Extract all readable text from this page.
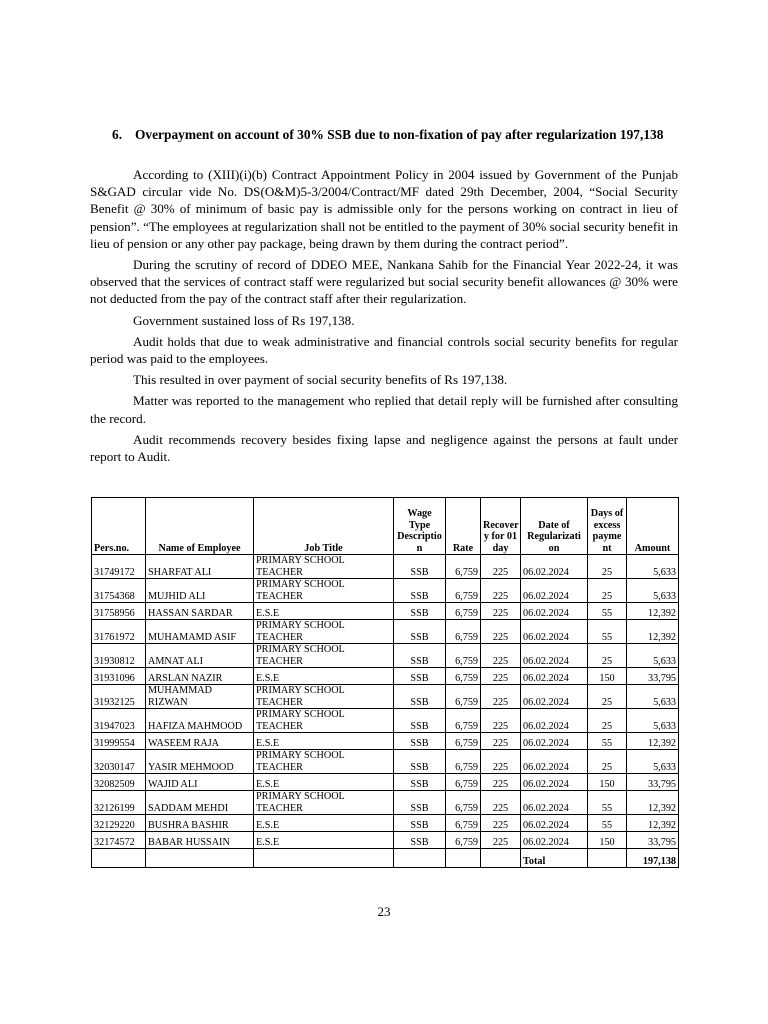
6. Overpayment on account of 30% SSB due to non-fixation of pay after regularization 197,138

According to (XIII)(i)(b) Contract Appointment Policy in 2004 issued by Government of the Punjab S&GAD circular vide No. DS(O&M)5-3/2004/Contract/MF dated 29th December, 2004, “Social Security Benefit @ 30% of minimum of basic pay is admissible only for the persons working on contract in lieu of pension”. “The employees at regularization shall not be entitled to the payment of 30% social security benefit in lieu of pension or any other pay package, being drawn by them during the contract period”.

During the scrutiny of record of DDEO MEE, Nankana Sahib for the Financial Year 2022-24, it was observed that the services of contract staff were regularized but social security benefit allowances @ 30% were not deducted from the pay of the contract staff after their regularization.

Government sustained loss of Rs 197,138.

Audit holds that due to weak administrative and financial controls social security benefits for regular period was paid to the employees.

This resulted in over payment of social security benefits of Rs 197,138.

Matter was reported to the management who replied that detail reply will be furnished after consulting the record.

Audit recommends recovery besides fixing lapse and negligence against the persons at fault under report to Audit.

Pers.no.	Name of Employee	Job Title	Wage Type Descriptio n	Rate	Recover y for 01 day	Date of Regularizati on	Days of excess payme nt	Amount
31749172	SHARFAT ALI	PRIMARY SCHOOL TEACHER	SSB	6,759	225	06.02.2024	25	5,633
31754368	MUJHID ALI	PRIMARY SCHOOL TEACHER	SSB	6,759	225	06.02.2024	25	5,633
31758956	HASSAN SARDAR	E.S.E	SSB	6,759	225	06.02.2024	55	12,392
31761972	MUHAMAMD ASIF	PRIMARY SCHOOL TEACHER	SSB	6,759	225	06.02.2024	55	12,392
31930812	AMNAT ALI	PRIMARY SCHOOL TEACHER	SSB	6,759	225	06.02.2024	25	5,633
31931096	ARSLAN NAZIR	E.S.E	SSB	6,759	225	06.02.2024	150	33,795
31932125	MUHAMMAD RIZWAN	PRIMARY SCHOOL TEACHER	SSB	6,759	225	06.02.2024	25	5,633
31947023	HAFIZA MAHMOOD	PRIMARY SCHOOL TEACHER	SSB	6,759	225	06.02.2024	25	5,633
31999554	WASEEM RAJA	E.S.E	SSB	6,759	225	06.02.2024	55	12,392
32030147	YASIR MEHMOOD	PRIMARY SCHOOL TEACHER	SSB	6,759	225	06.02.2024	25	5,633
32082509	WAJID ALI	E.S.E	SSB	6,759	225	06.02.2024	150	33,795
32126199	SADDAM MEHDI	PRIMARY SCHOOL TEACHER	SSB	6,759	225	06.02.2024	55	12,392
32129220	BUSHRA BASHIR	E.S.E	SSB	6,759	225	06.02.2024	55	12,392
32174572	BABAR HUSSAIN	E.S.E	SSB	6,759	225	06.02.2024	150	33,795
						Total		197,138
23
